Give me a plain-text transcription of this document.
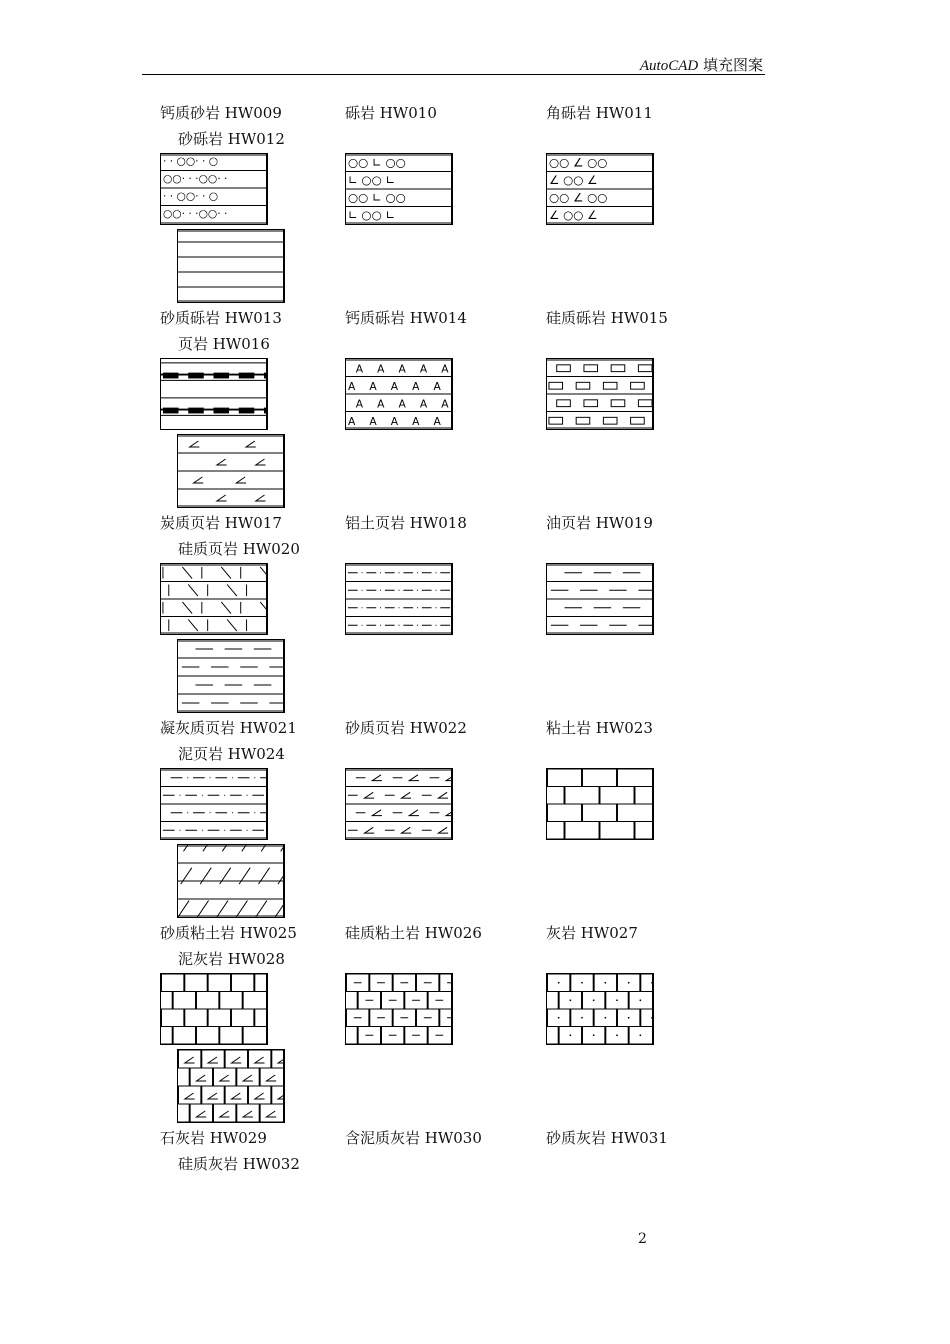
AutoCAD 填充图案
钙质砂岩 HW009	砾岩 HW010	角砾岩 HW011
砂砾岩 HW012
· · ○○· · ○
○○· · ·○○· ·
· · ○○· · ○
○○· · ·○○· ·
○○ ∟ ○○
∟ ○○ ∟
○○ ∟ ○○
∟ ○○ ∟
○○ ∠ ○○
∠ ○○ ∠
○○ ∠ ○○
∠ ○○ ∠
砂质砾岩 HW013	钙质砾岩 HW014	硅质砾岩 HW015
页岩 HW016
A A A A A
A A A A A
A A A A A
A A A A A
炭质页岩 HW017	铝土页岩 HW018	油页岩 HW019
硅质页岩 HW020
凝灰质页岩 HW021	砂质页岩 HW022	粘土岩 HW023
泥页岩 HW024
砂质粘土岩 HW025	硅质粘土岩 HW026	灰岩 HW027
泥灰岩 HW028
石灰岩 HW029	含泥质灰岩 HW030	砂质灰岩 HW031
硅质灰岩 HW032
2
